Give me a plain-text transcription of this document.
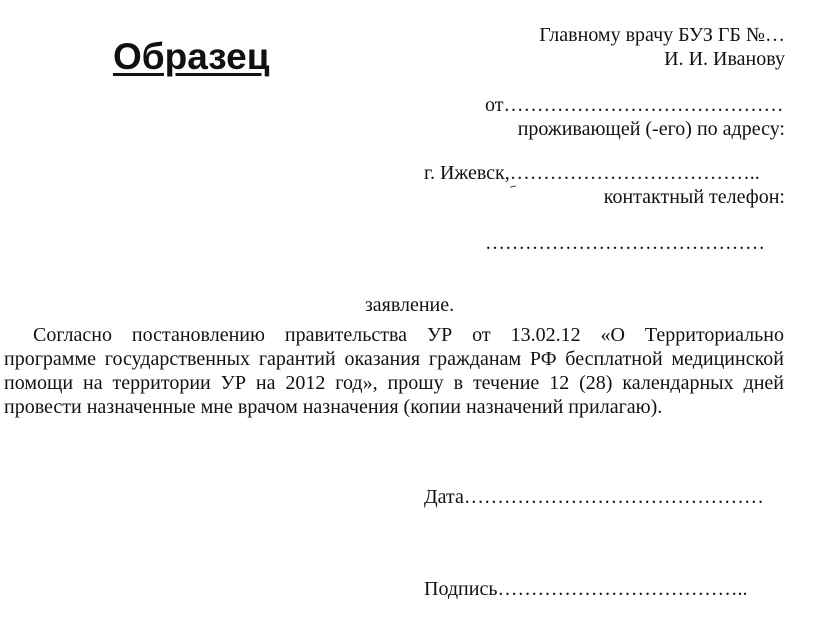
Образец
Главному врачу БУЗ ГБ №…
И. И. Иванову
от……………………………………
проживающей (-его) по адресу:
г. Ижевск,………………………………..
контактный телефон:
……………………………………
заявление.
Согласно постановлению правительства УР от 13.02.12 «О Территориально
программе государственных гарантий оказания гражданам РФ бесплатной медицинской
помощи на территории УР на 2012 год», прошу в течение 12 (28) календарных дней
провести назначенные мне врачом назначения (копии назначений прилагаю).
Дата………………………………………
Подпись………………………………..
